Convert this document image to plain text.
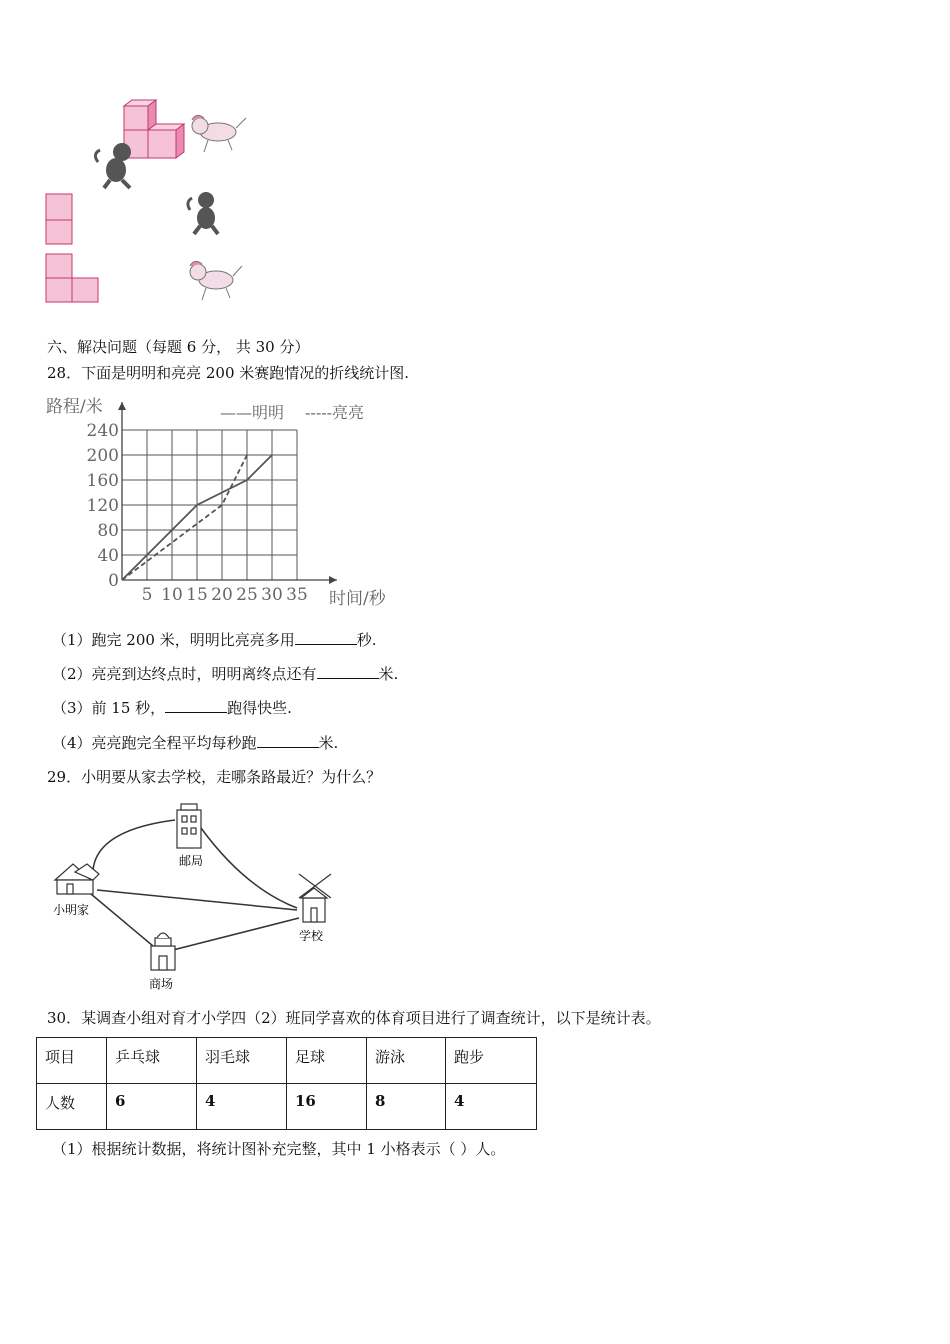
六、解决问题（每题 6 分， 共 30 分）
28．下面是明明和亮亮 200 米赛跑情况的折线统计图.
0
40
80
120
160
200
240
5 10 15 20 25 30 35
路程/米
时间/秒
——明明 -----亮亮
（1）跑完 200 米，明明比亮亮多用	秒.
（2）亮亮到达终点时，明明离终点还有	米.
（3）前 15 秒，	跑得快些.
（4）亮亮跑完全程平均每秒跑	米.
29．小明要从家去学校，走哪条路最近？为什么？
小明家
邮局
学校
商场
30．某调查小组对育才小学四（2）班同学喜欢的体育项目进行了调查统计，以下是统计表。
项目	乒乓球	羽毛球	足球	游泳	跑步
人数	6	4	16	8	4
（1）根据统计数据，将统计图补充完整，其中 1 小格表示（ ）人。
